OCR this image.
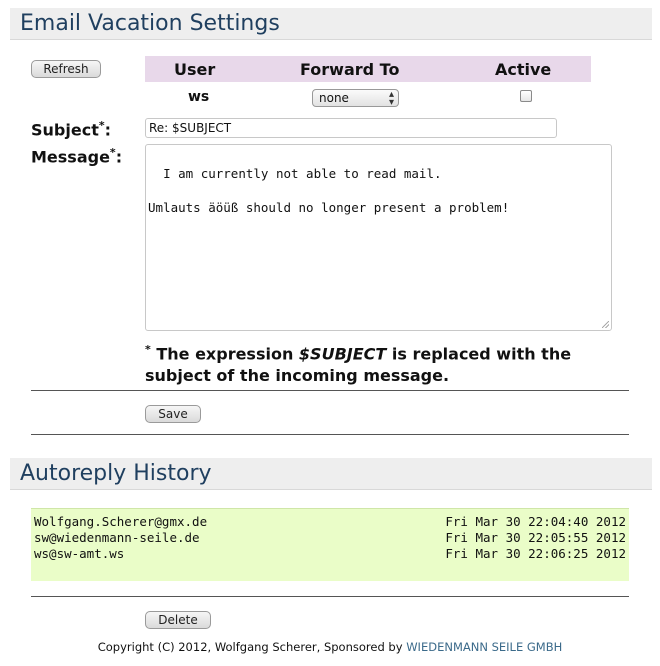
Email Vacation Settings
Refresh	User	Forward To	Active
ws	none	▴
▾
Subject*:
Re: $SUBJECT
Message*:

I am currently not able to read mail.

Umlauts äöüß should no longer present a problem!

* The expression $SUBJECT is replaced with the subject of the incoming message.
Save
Autoreply History
Wolfgang.Scherer@gmx.de	Fri Mar 30 22:04:40 2012
sw@wiedenmann-seile.de	Fri Mar 30 22:05:55 2012
ws@sw-amt.ws	Fri Mar 30 22:06:25 2012
Delete
Copyright (C) 2012, Wolfgang Scherer, Sponsored by WIEDENMANN SEILE GMBH
